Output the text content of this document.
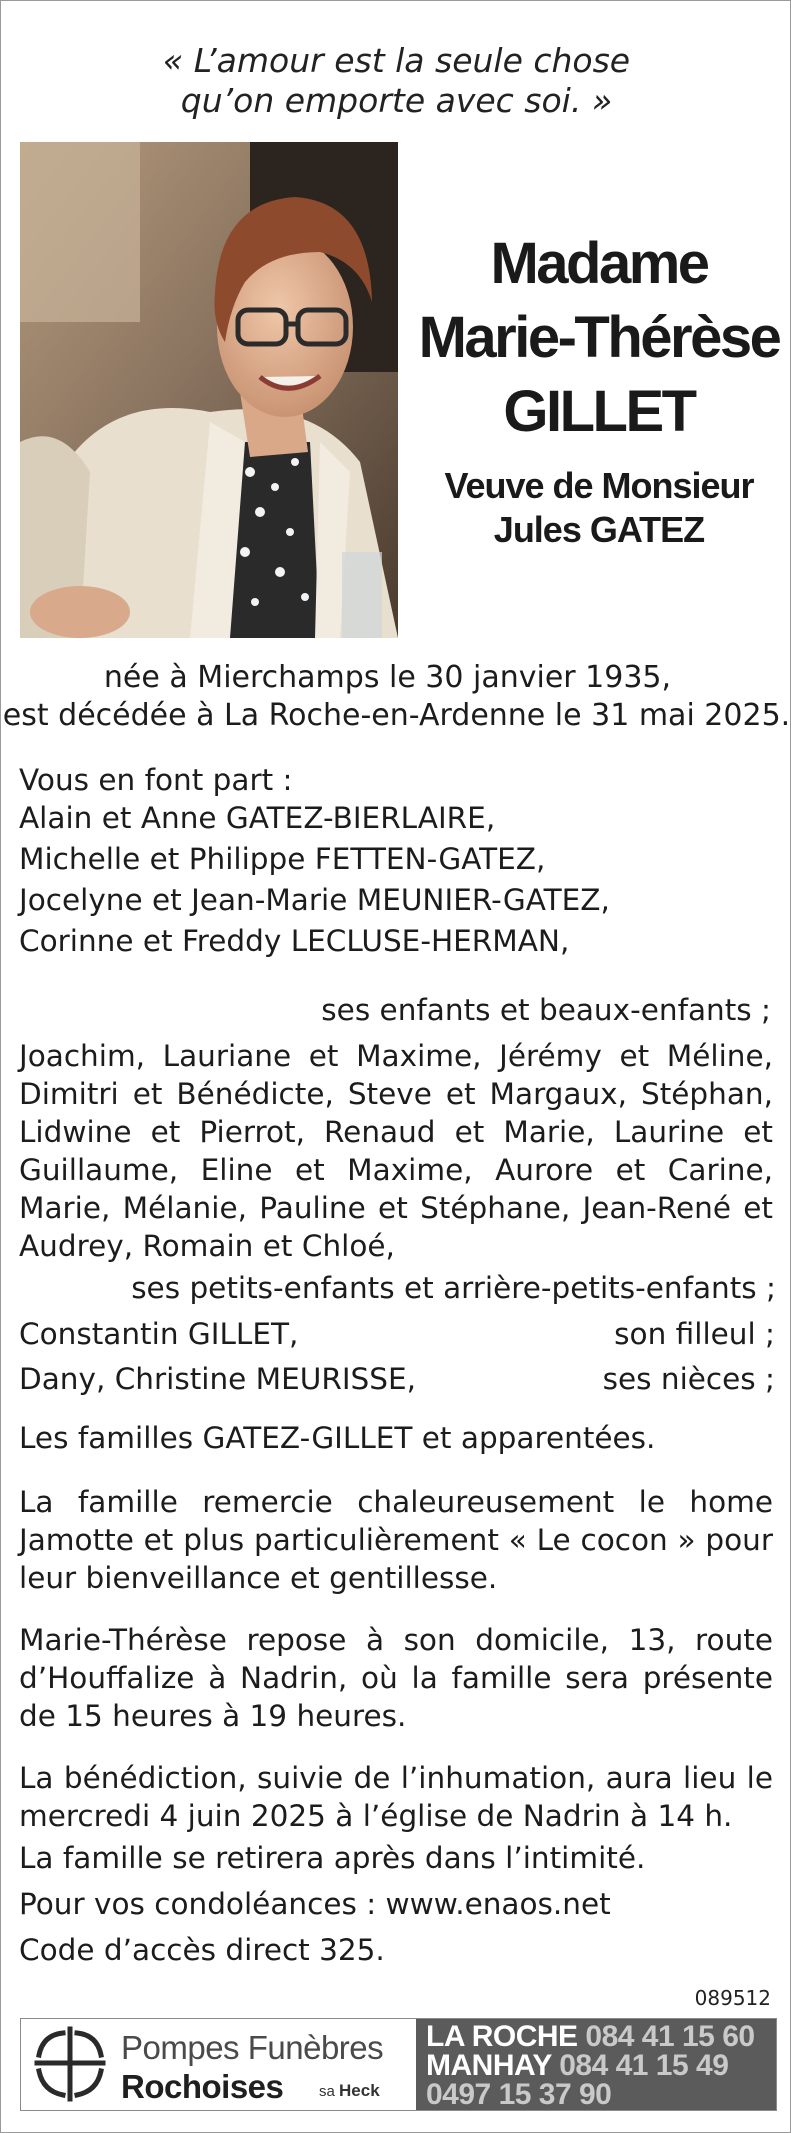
« L’amour est la seule chose
qu’on emporte avec soi. »
Madame
Marie-Thérèse
GILLET
Veuve de Monsieur
Jules GATEZ
née à Mierchamps le 30 janvier 1935,
est décédée à La Roche-en-Ardenne le 31 mai 2025.
Vous en font part :
Alain et Anne GATEZ-BIERLAIRE,
Michelle et Philippe FETTEN-GATEZ,
Jocelyne et Jean-Marie MEUNIER-GATEZ,
Corinne et Freddy LECLUSE-HERMAN,
ses enfants et beaux-enfants ;
Joachim, Lauriane et Maxime, Jérémy et Méline, Dimitri et Bénédicte, Steve et Margaux, Stéphan, Lidwine et Pierrot, Renaud et Marie, Laurine et Guillaume, Eline et Maxime, Aurore et Carine, Marie, Mélanie, Pauline et Stéphane, Jean-René et Audrey, Romain et Chloé,
ses petits-enfants et arrière-petits-enfants ;
Constantin GILLET,	son filleul ;
Dany, Christine MEURISSE,	ses nièces ;
Les familles GATEZ-GILLET et apparentées.
La famille remercie chaleureusement le home Jamotte et plus particulièrement « Le cocon » pour leur bienveillance et gentillesse.
Marie-Thérèse repose à son domicile, 13, route d’Houffalize à Nadrin, où la famille sera présente de 15 heures à 19 heures.
La bénédiction, suivie de l’inhumation, aura lieu le mercredi 4 juin 2025 à l’église de Nadrin à 14 h.
La famille se retirera après dans l’intimité.
Pour vos condoléances : www.enaos.net
Code d’accès direct 325.
089512
Pompes Funèbres
Rochoises sa Heck
LA ROCHE 084 41 15 60
MANHAY 084 41 15 49
0497 15 37 90
